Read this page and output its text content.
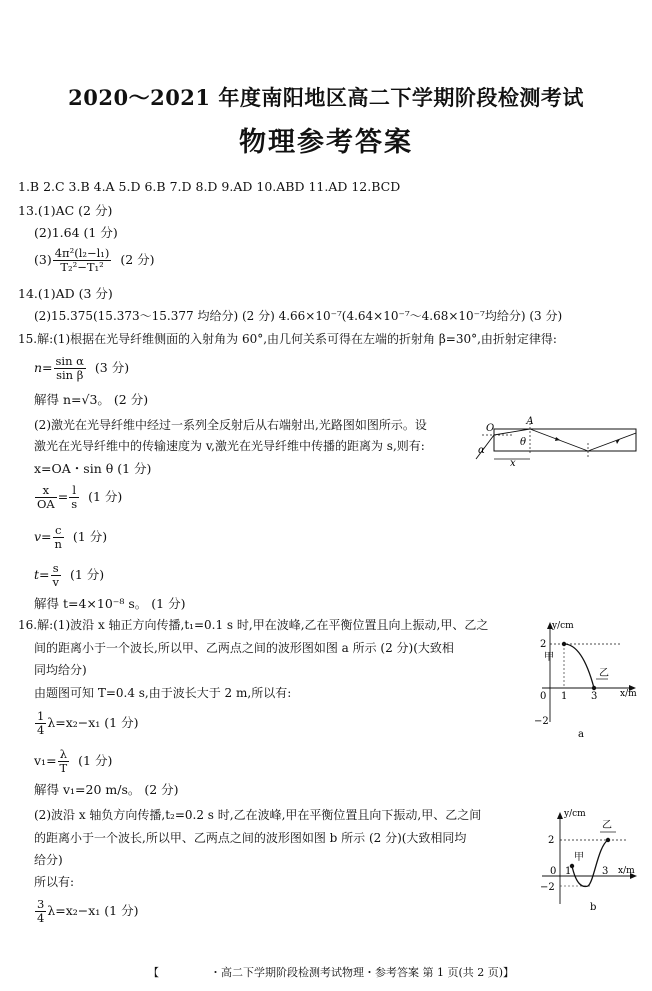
2020～2021 年度南阳地区高二下学期阶段检测考试
物理参考答案
1.B 2.C 3.B 4.A 5.D 6.B 7.D 8.D 9.AD 10.ABD 11.AD 12.BCD
13.(1)AC (2 分)
(2)1.64 (1 分)
$(3) \frac{\text{4π²(l₂−l₁)}}{\text{T₂²−T₁²}} (2$ 分)
14.(1)AD (3 分)
(2)15.375(15.373～15.377 均给分) (2 分) 4.66×10⁻⁷(4.64×10⁻⁷～4.68×10⁻⁷均给分) (3 分)
15.解:(1)根据在光导纤维侧面的入射角为 60°,由几何关系可得在左端的折射角 β=30°,由折射定律得:
$n= \frac{\text{sin α}}{\text{sin β}} (3$ 分)
解得 n=√3。 (2 分)
(2)激光在光导纤维中经过一系列全反射后从右端射出,光路图如图所示。设
激光在光导纤维中的传输速度为 v,激光在光导纤维中传播的距离为 s,则有:
x=OA・sin θ (1 分)
$\frac{x}{OA} = \frac{l}{s} (1$ 分)
$v= \frac{c}{n} (1$ 分)
$t= \frac{s}{v} (1$ 分)
解得 t=4×10⁻⁸ s。 (1 分)
A
O
α
θ
x
16.解:(1)波沿 x 轴正方向传播,t₁=0.1 s 时,甲在波峰,乙在平衡位置且向上振动,甲、乙之
间的距离小于一个波长,所以甲、乙两点之间的波形图如图 a 所示 (2 分)(大致相
同均给分)
由题图可知 T=0.4 s,由于波长大于 2 m,所以有:
$\frac{1}{4} \lambda=x_2-x_1$ (1 分)
$v_1= \frac{\lambda}{T} (1$ 分)
解得 v₁=20 m/s。 (2 分)
(2)波沿 x 轴负方向传播,t₂=0.2 s 时,乙在波峰,甲在平衡位置且向下振动,甲、乙之间
的距离小于一个波长,所以甲、乙两点之间的波形图如图 b 所示 (2 分)(大致相同均
给分)
所以有:
$\frac{3}{4} \lambda=x_2-x_1$ (1 分)
y/cm
x/m
2
−2
1 3
0
甲
乙
a
y/cm
x/m
2
−2
1	3
0
甲
乙
b
【	・高二下学期阶段检测考试物理・参考答案 第 1 页(共 2 页)】
